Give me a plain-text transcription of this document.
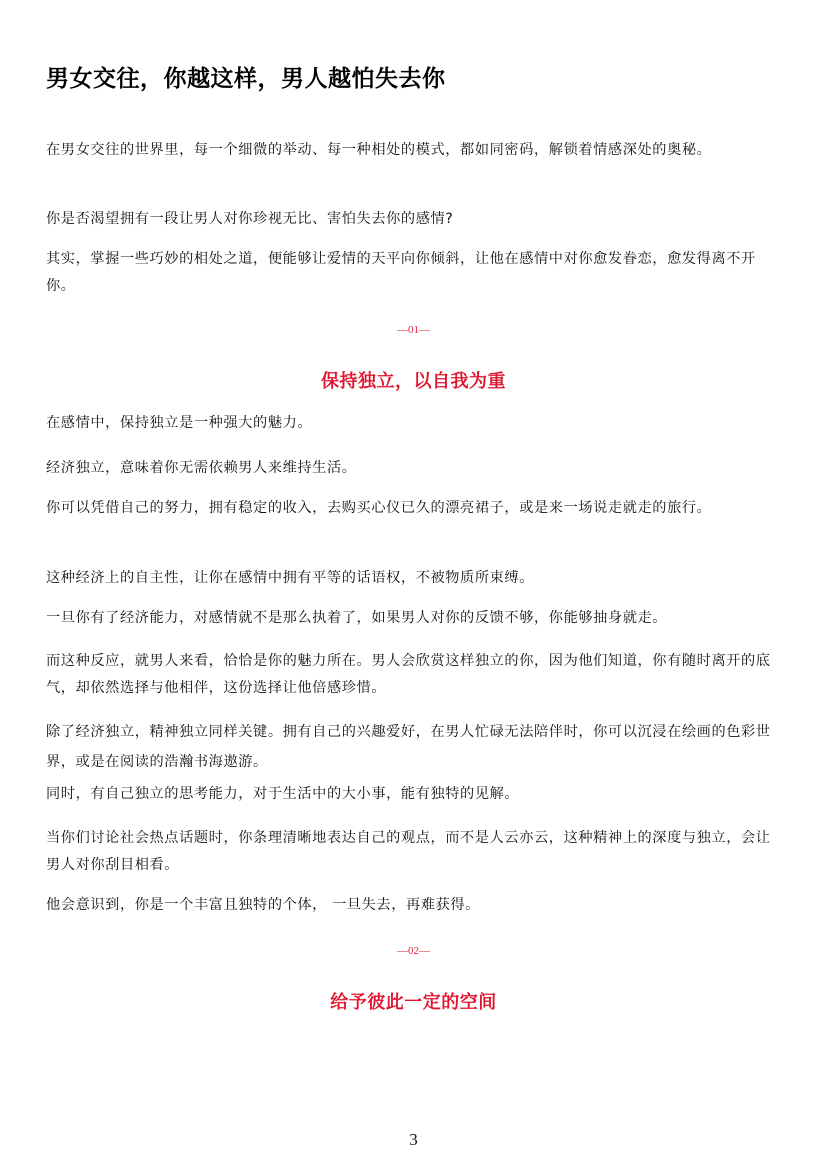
男女交往，你越这样，男人越怕失去你

在男女交往的世界里，每一个细微的举动、每一种相处的模式，都如同密码，解锁着情感深处的奥秘。

你是否渴望拥有一段让男人对你珍视无比、害怕失去你的感情?

其实，掌握一些巧妙的相处之道，便能够让爱情的天平向你倾斜，让他在感情中对你愈发眷恋，愈发得离不开你。

—01—
保持独立，以自我为重

在感情中，保持独立是一种强大的魅力。

经济独立，意味着你无需依赖男人来维持生活。

你可以凭借自己的努力，拥有稳定的收入，去购买心仪已久的漂亮裙子，或是来一场说走就走的旅行。

这种经济上的自主性，让你在感情中拥有平等的话语权，不被物质所束缚。

一旦你有了经济能力，对感情就不是那么执着了，如果男人对你的反馈不够，你能够抽身就走。

而这种反应，就男人来看，恰恰是你的魅力所在。男人会欣赏这样独立的你，因为他们知道，你有随时离开的底气，却依然选择与他相伴，这份选择让他倍感珍惜。

除了经济独立，精神独立同样关键。拥有自己的兴趣爱好，在男人忙碌无法陪伴时，你可以沉浸在绘画的色彩世界，或是在阅读的浩瀚书海遨游。

同时，有自己独立的思考能力，对于生活中的大小事，能有独特的见解。

当你们讨论社会热点话题时，你条理清晰地表达自己的观点，而不是人云亦云，这种精神上的深度与独立，会让男人对你刮目相看。

他会意识到，你是一个丰富且独特的个体， 一旦失去，再难获得。

—02—
给予彼此一定的空间
3
